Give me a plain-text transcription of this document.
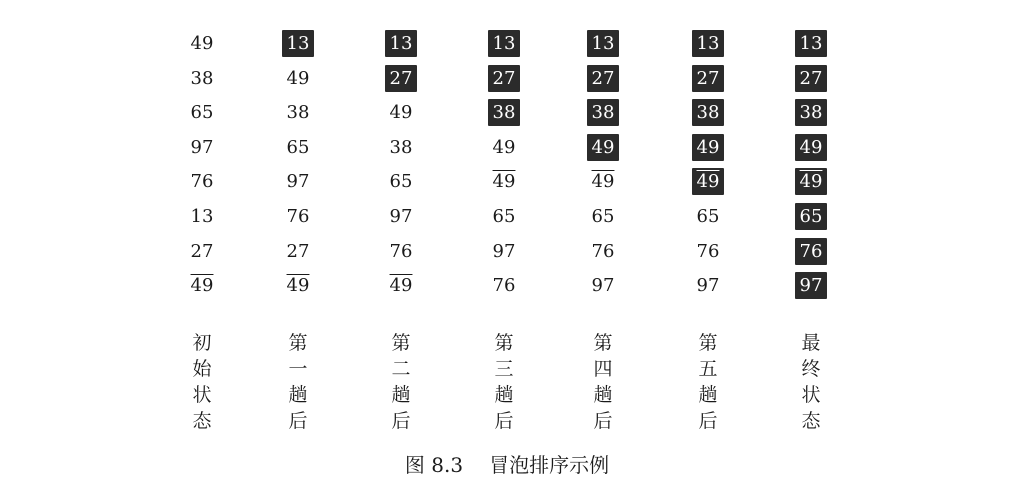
49
38
65
97
76
13
27
49
初
始
状
态
13
49
38
65
97
76
27
49
第
一
趟
后
13
27
49
38
65
97
76
49
第
二
趟
后
13
27
38
49
49
65
97
76
第
三
趟
后
13
27
38
49
49
65
76
97
第
四
趟
后
13
27
38
49
49
65
76
97
第
五
趟
后
13
27
38
49
49
65
76
97
最
终
状
态
图 8.3 冒泡排序示例
